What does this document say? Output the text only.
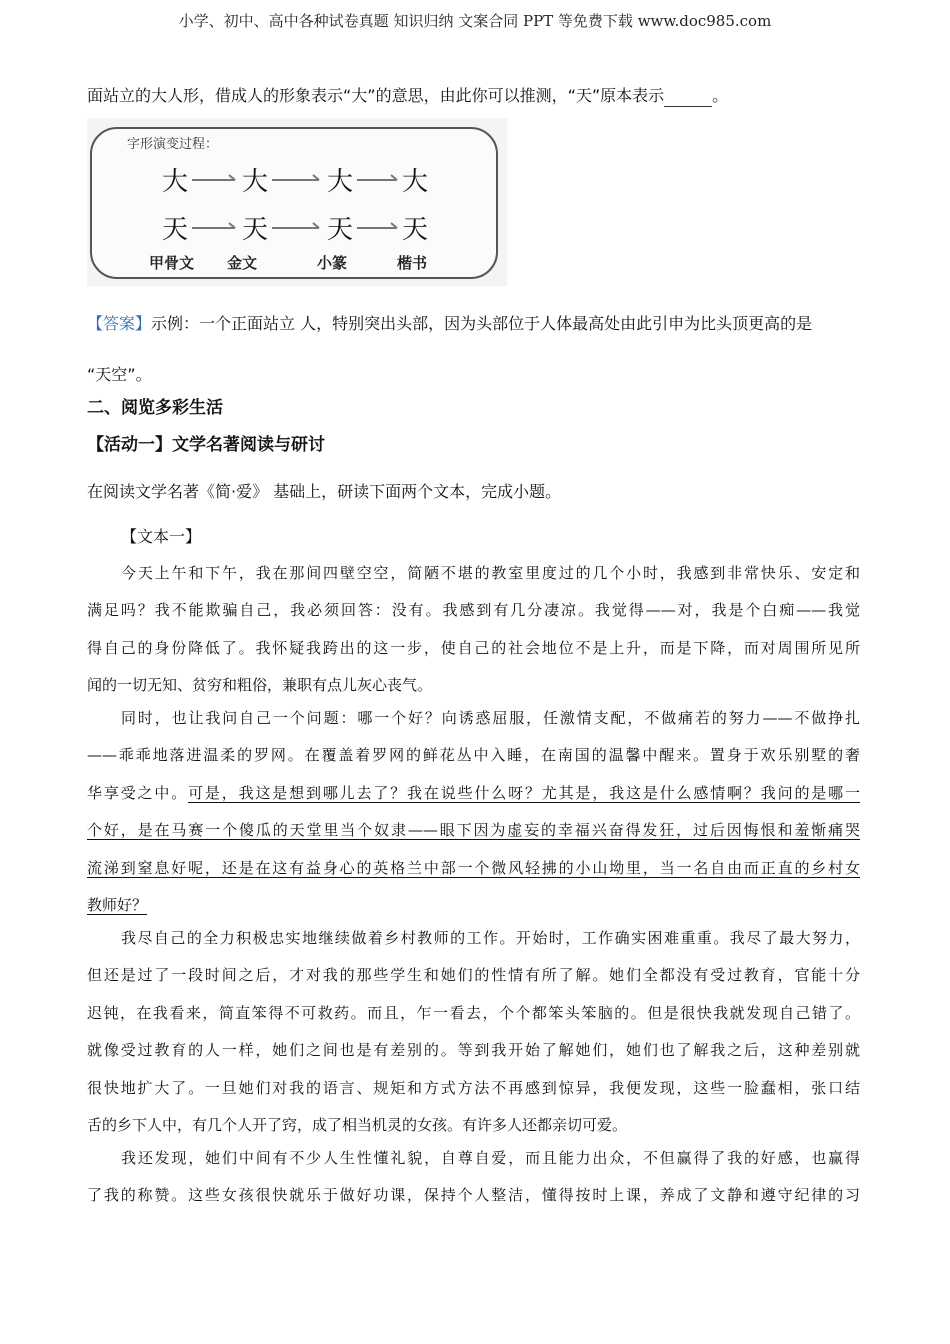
小学、初中、高中各种试卷真题 知识归纳 文案合同 PPT 等免费下载 www.doc985.com
面站立的大人形，借成人的形象表示“大”的意思，由此你可以推测，“天”原本表示	。
字形演变过程：
大 大 大 大
天 天 天 天
甲骨文 金文	小篆	楷书
【答案】示例：一个正面站立 人，特别突出头部，因为头部位于人体最高处由此引申为比头顶更高的是
“天空”。
二、阅览多彩生活
【活动一】文学名著阅读与研讨
在阅读文学名著《简·爱》 基础上，研读下面两个文本，完成小题。
【文本一】
今天上午和下午，我在那间四壁空空，简陋不堪的教室里度过的几个小时，我感到非常快乐、安定和
满足吗？我不能欺骗自己，我必须回答：没有。我感到有几分凄凉。我觉得——对，我是个白痴——我觉
得自己的身份降低了。我怀疑我跨出的这一步，使自己的社会地位不是上升，而是下降，而对周围所见所
闻的一切无知、贫穷和粗俗，兼职有点儿灰心丧气。
同时，也让我问自己一个问题：哪一个好？向诱惑屈服，任激情支配，不做痛若的努力——不做挣扎
——乖乖地落进温柔的罗网。在覆盖着罗网的鲜花丛中入睡，在南国的温馨中醒来。置身于欢乐别墅的奢
华享受之中。可是，我这是想到哪儿去了？我在说些什么呀？尤其是，我这是什么感情啊？我问的是哪一
个好，是在马赛一个傻瓜的天堂里当个奴隶——眼下因为虚妄的幸福兴奋得发狂，过后因悔恨和羞惭痛哭
流涕到窒息好呢，还是在这有益身心的英格兰中部一个微风轻拂的小山坳里，当一名自由而正直的乡村女
教师好？
我尽自己的全力积极忠实地继续做着乡村教师的工作。开始时，工作确实困难重重。我尽了最大努力，
但还是过了一段时间之后，才对我的那些学生和她们的性情有所了解。她们全都没有受过教育，官能十分
迟钝，在我看来，简直笨得不可救药。而且，乍一看去，个个都笨头笨脑的。但是很快我就发现自己错了。
就像受过教育的人一样，她们之间也是有差别的。等到我开始了解她们，她们也了解我之后，这种差别就
很快地扩大了。一旦她们对我的语言、规矩和方式方法不再感到惊异，我便发现，这些一脸蠢相，张口结
舌的乡下人中，有几个人开了窍，成了相当机灵的女孩。有许多人还都亲切可爱。
我还发现，她们中间有不少人生性懂礼貌，自尊自爱，而且能力出众，不但赢得了我的好感，也赢得
了我的称赞。这些女孩很快就乐于做好功课，保持个人整洁，懂得按时上课，养成了文静和遵守纪律的习
